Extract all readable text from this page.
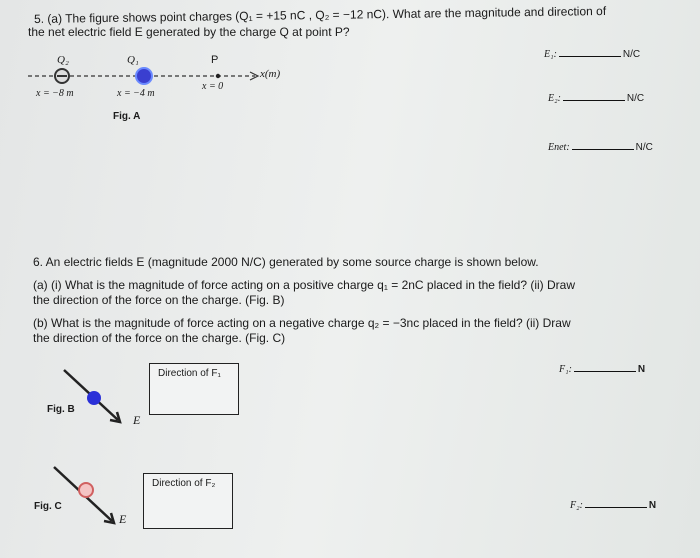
5. (a) The figure shows point charges (Q₁ = +15 nC , Q₂ = −12 nC). What are the magnitude and direction of
the net electric field E generated by the charge Q at point P?
Q₂	Q₁	P
x(m)
x = −8 m	x = −4 m
x = 0
Fig. A
E₁:	N/C
E₂:	N/C
Enet:	N/C
6. An electric fields E (magnitude 2000 N/C) generated by some source charge is shown below.
(a) (i) What is the magnitude of force acting on a positive charge q₁ = 2nC placed in the field? (ii) Draw
the direction of the force on the charge. (Fig. B)
(b) What is the magnitude of force acting on a negative charge q₂ = −3nc placed in the field? (ii) Draw
the direction of the force on the charge. (Fig. C)
Fig. B
E
Direction of F₁
Fig. C
E
Direction of F₂
F₁:	N
F₂:	N
